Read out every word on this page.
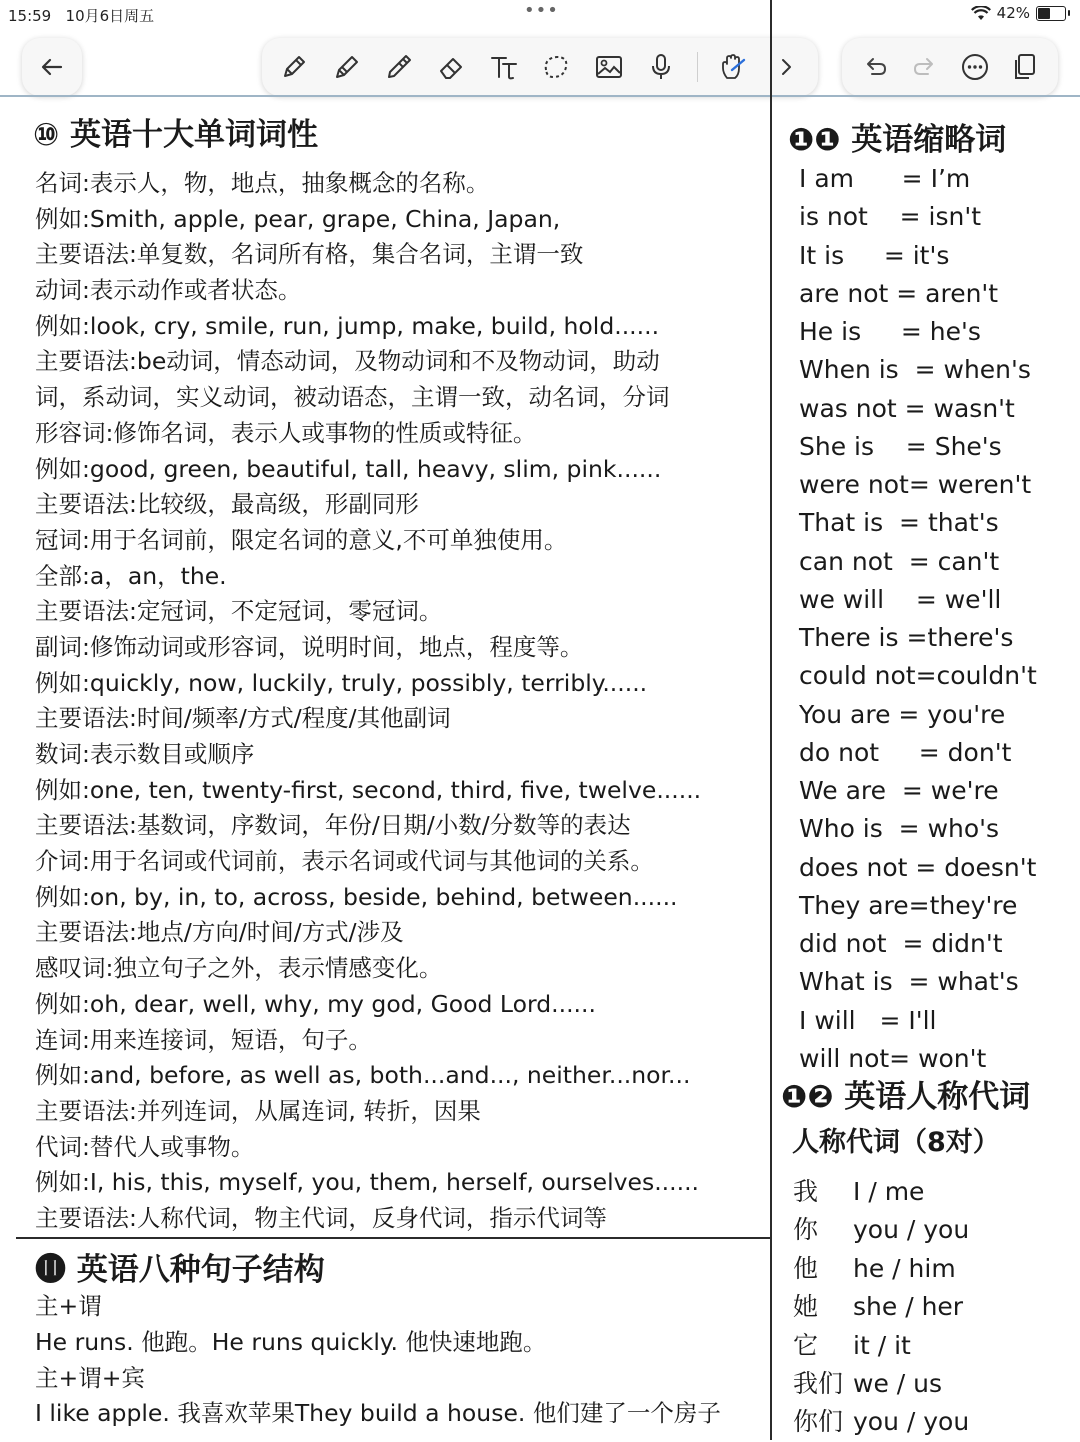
15:59 10月6日周五	•••	42%
⑩ 英语十大单词词性
名词:表示人，物，地点，抽象概念的名称。
例如:Smith, apple, pear, grape, China, Japan,
主要语法:单复数，名词所有格，集合名词，主谓一致
动词:表示动作或者状态。
例如:look, cry, smile, run, jump, make, build, hold......
主要语法:be动词，情态动词，及物动词和不及物动词，助动
词，系动词，实义动词，被动语态，主谓一致，动名词，分词
形容词:修饰名词，表示人或事物的性质或特征。
例如:good, green, beautiful, tall, heavy, slim, pink......
主要语法:比较级，最高级，形副同形
冠词:用于名词前，限定名词的意义,不可单独使用。
全部:a，an，the.
主要语法:定冠词，不定冠词，零冠词。
副词:修饰动词或形容词，说明时间，地点，程度等。
例如:quickly, now, luckily, truly, possibly, terribly......
主要语法:时间/频率/方式/程度/其他副词
数词:表示数目或顺序
例如:one, ten, twenty-first, second, third, five, twelve......
主要语法:基数词，序数词，年份/日期/小数/分数等的表达
介词:用于名词或代词前，表示名词或代词与其他词的关系。
例如:on, by, in, to, across, beside, behind, between......
主要语法:地点/方向/时间/方式/涉及
感叹词:独立句子之外，表示情感变化。
例如:oh, dear, well, why, my god, Good Lord......
连词:用来连接词，短语，句子。
例如:and, before, as well as, both...and..., neither...nor...
主要语法:并列连词，从属连词, 转折，因果
代词:替代人或事物。
例如:I, his, this, myself, you, them, herself, ourselves......
主要语法:人称代词，物主代词，反身代词，指示代词等
⓫ 英语八种句子结构
主+谓
He runs. 他跑。He runs quickly. 他快速地跑。
主+谓+宾
I like apple. 我喜欢苹果They build a house. 他们建了一个房子
❶❶ 英语缩略词
I am      = I’m
is not    = isn't
It is     = it's
are not = aren't
He is     = he's
When is  = when's
was not = wasn't
She is    = She's
were not= weren't
That is  = that's
can not  = can't
we will    = we'll
There is =there's
could not=couldn't
You are = you're
do not     = don't
We are  = we're
Who is  = who's
does not = doesn't
They are=they're
did not  = didn't
What is  = what's
I will   = I'll
will not= won't
❶❷ 英语人称代词
人称代词（8对）
我 I / me
你 you / you
他 he / him
她 she / her
它 it / it
我们 we / us
你们 you / you
